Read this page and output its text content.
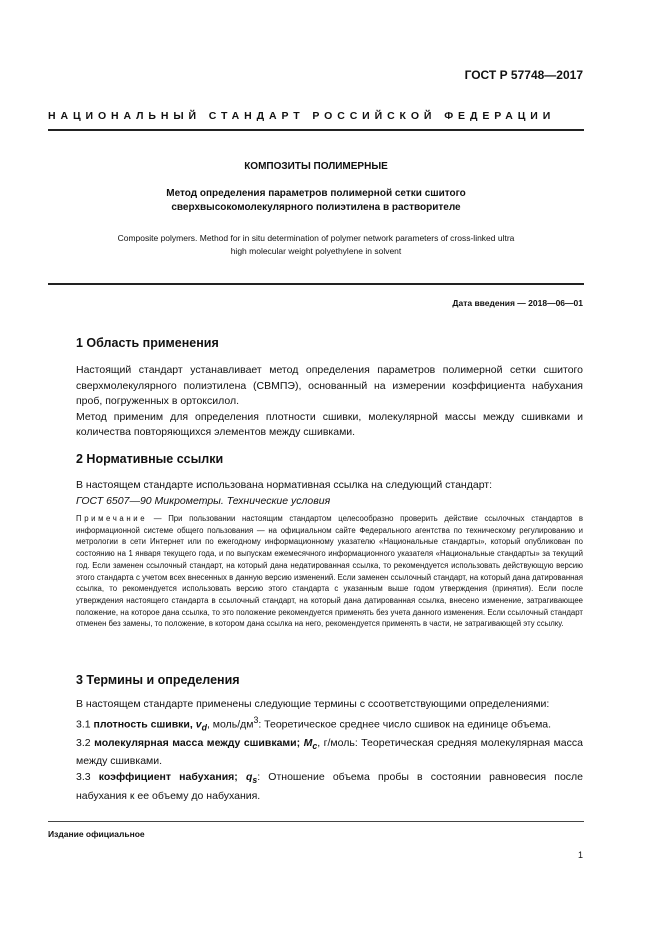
ГОСТ Р 57748—2017
НАЦИОНАЛЬНЫЙ СТАНДАРТ РОССИЙСКОЙ ФЕДЕРАЦИИ
КОМПОЗИТЫ ПОЛИМЕРНЫЕ
Метод определения параметров полимерной сетки сшитого
сверхвысокомолекулярного полиэтилена в растворителе
Composite polymers. Method for in situ determination of polymer network parameters of cross-linked ultra
high molecular weight polyethylene in solvent
Дата введения — 2018—06—01
1 Область применения

Настоящий стандарт устанавливает метод определения параметров полимерной сетки сшитого сверхмолекулярного полиэтилена (СВМПЭ), основанный на измерении коэффициента набухания проб, погруженных в ортоксилол.

Метод применим для определения плотности сшивки, молекулярной массы между сшивками и количества повторяющихся элементов между сшивками.

2 Нормативные ссылки

В настоящем стандарте использована нормативная ссылка на следующий стандарт:

ГОСТ 6507—90 Микрометры. Технические условия

Примечание — При пользовании настоящим стандартом целесообразно проверить действие ссылочных стандартов в информационной системе общего пользования — на официальном сайте Федерального агентства по техническому регулированию и метрологии в сети Интернет или по ежегодному информационному указателю «Национальные стандарты», который опубликован по состоянию на 1 января текущего года, и по выпускам ежемесячного информационного указателя «Национальные стандарты» за текущий год. Если заменен ссылочный стандарт, на который дана недатированная ссылка, то рекомендуется использовать действующую версию этого стандарта с учетом всех внесенных в данную версию изменений. Если заменен ссылочный стандарт, на который дана датированная ссылка, то рекомендуется использовать версию этого стандарта с указанным выше годом утверждения (принятия). Если после утверждения настоящего стандарта в ссылочный стандарт, на который дана датированная ссылка, внесено изменение, затрагивающее положение, на которое дана ссылка, то это положение рекомендуется применять без учета данного изменения. Если ссылочный стандарт отменен без замены, то положение, в котором дана ссылка на него, рекомендуется применять в части, не затрагивающей эту ссылку.
3 Термины и определения

В настоящем стандарте применены следующие термины с ссоответствующими определениями:

3.1 плотность сшивки, $v_d$, моль/$дм^3$: Теоретическое среднее число сшивок на единице объема.

3.2 молекулярная масса между сшивками; $M_c$, г/моль: Теоретическая средняя молекулярная масса между сшивками.

3.3 коэффициент набухания; $q_s$: Отношение объема пробы в состоянии равновесия после набухания к ее объему до набухания.

Издание официальное
1
